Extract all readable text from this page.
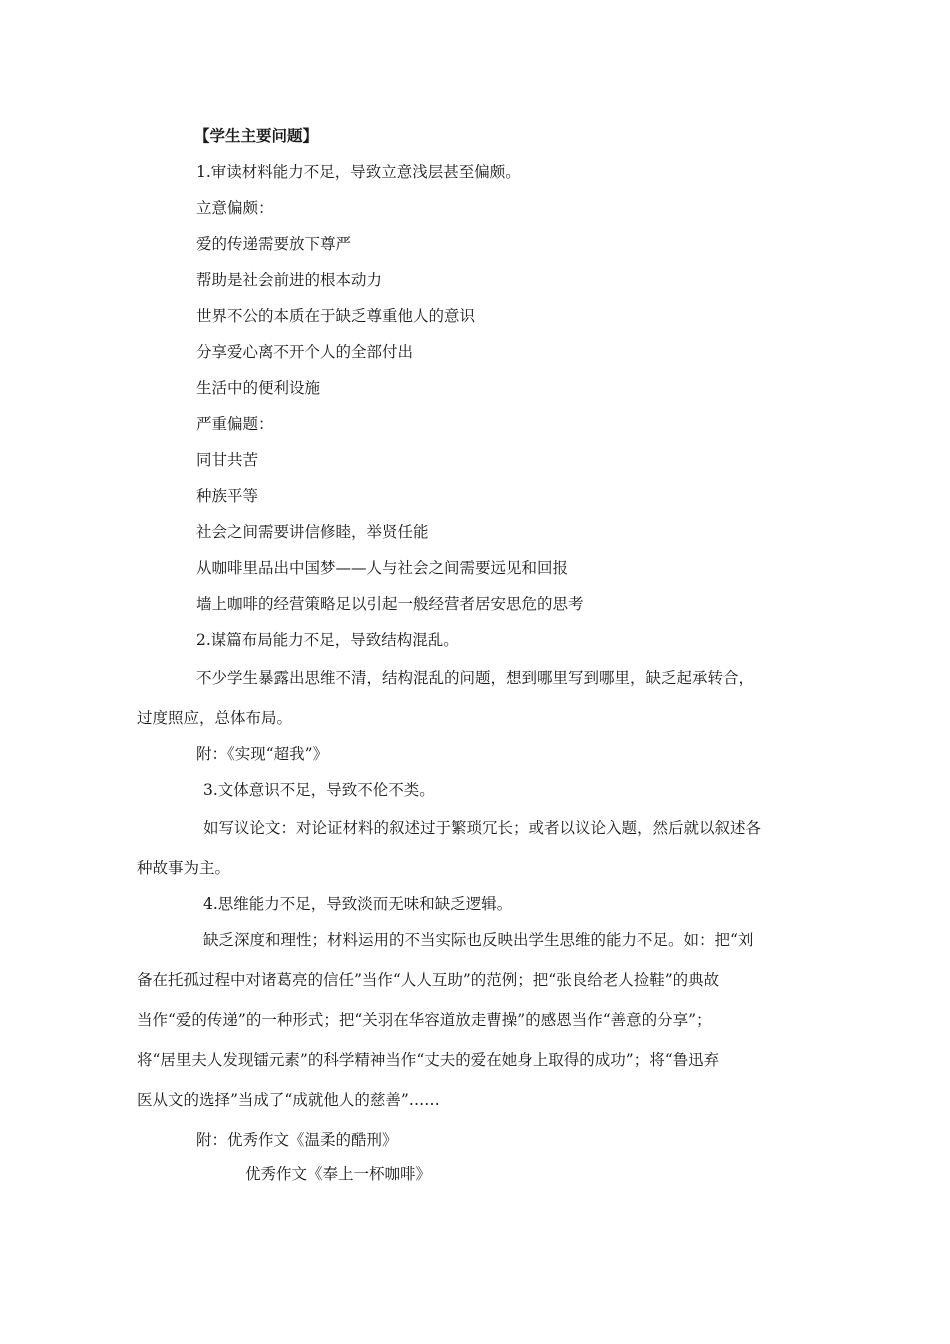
【学生主要问题】
1.审读材料能力不足，导致立意浅层甚至偏颇。
立意偏颇：
爱的传递需要放下尊严
帮助是社会前进的根本动力
世界不公的本质在于缺乏尊重他人的意识
分享爱心离不开个人的全部付出
生活中的便利设施
严重偏题：
同甘共苦
种族平等
社会之间需要讲信修睦，举贤任能
从咖啡里品出中国梦——人与社会之间需要远见和回报
墙上咖啡的经营策略足以引起一般经营者居安思危的思考
2.谋篇布局能力不足，导致结构混乱。
不少学生暴露出思维不清，结构混乱的问题，想到哪里写到哪里，缺乏起承转合，
过度照应，总体布局。
附：《实现“超我”》
3.文体意识不足，导致不伦不类。
如写议论文：对论证材料的叙述过于繁琐冗长；或者以议论入题，然后就以叙述各
种故事为主。
4.思维能力不足，导致淡而无味和缺乏逻辑。
缺乏深度和理性；材料运用的不当实际也反映出学生思维的能力不足。如：把“刘
备在托孤过程中对诸葛亮的信任”当作“人人互助”的范例；把“张良给老人捡鞋”的典故
当作“爱的传递”的一种形式；把“关羽在华容道放走曹操”的感恩当作“善意的分享”；
将“居里夫人发现镭元素”的科学精神当作“丈夫的爱在她身上取得的成功”；将“鲁迅弃
医从文的选择”当成了“成就他人的慈善”……
附：优秀作文《温柔的酷刑》
优秀作文《奉上一杯咖啡》
